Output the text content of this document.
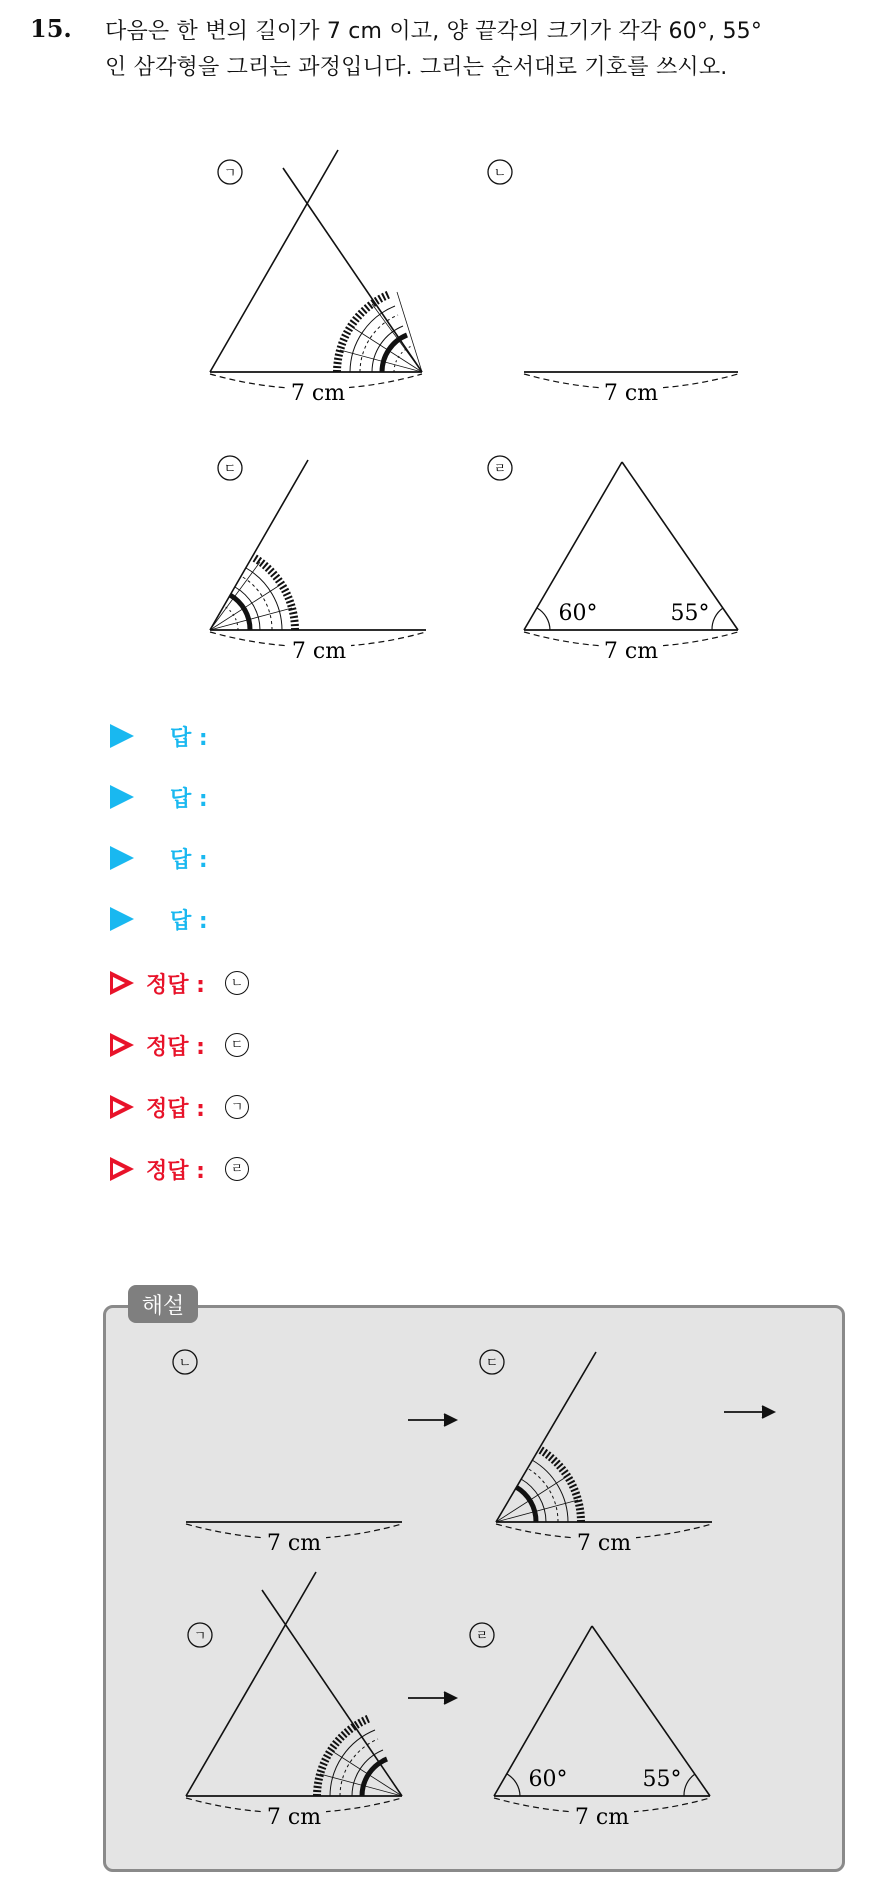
15. 다음은 한 변의 길이가 7 cm 이고, 양 끝각의 크기가 각각 60°, 55°
인 삼각형을 그리는 과정입니다. 그리는 순서대로 기호를 쓰시오.
ㄱ
7 cm
ㄴ
7 cm
ㄷ
7 cm
ㄹ
60°	55°
7 cm
답 :
답 :
답 :
답 :
정답 :	ㄴ
정답 :	ㄷ
정답 :	ㄱ
정답 :	ㄹ
해설
ㄴ
7 cm
ㄷ
7 cm
ㄱ
7 cm
ㄹ
60°	55°
7 cm
